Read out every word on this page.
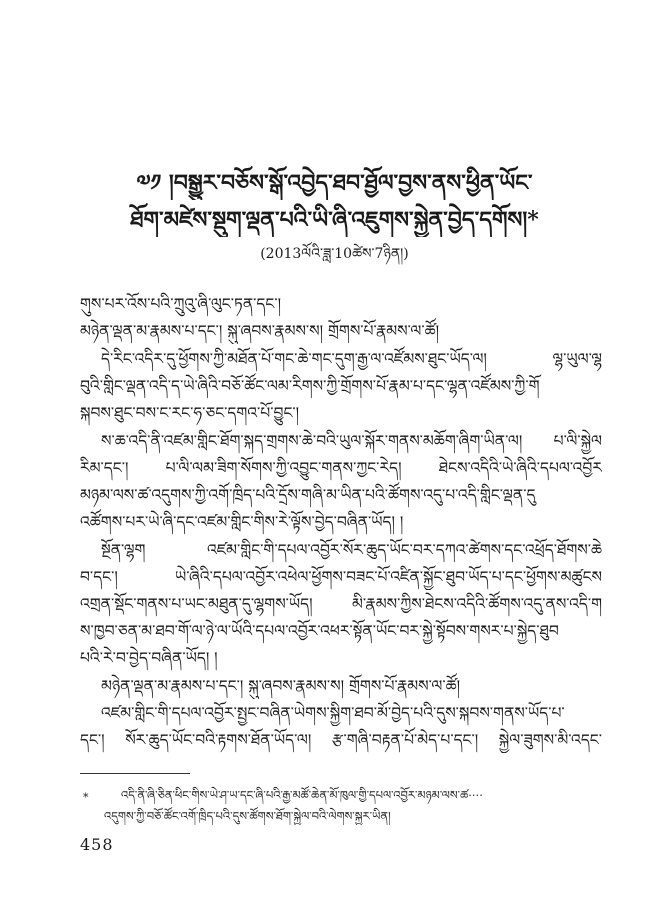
༧༡ །བསྒྱུར་བཅོས་སྒོ་འབྱེད་ཐབ་ཐྱོལ་བྱས་ནས་ཕྱིན་ཡོང་
ཐོག་མཛེས་སྡུག་ལྡན་པའི་ཡི་ཞི་འཇུགས་སྐྱེན་བྱེད་དགོས།*
(2013ལོའི་ཟླ་10ཚེས་7ཉིན།)
གུས་པར་འོས་པའི་ཀྲུའུ་ཞི་ལུང་ཏན་དང་།
མཉེན་ལྡན་མ་རྣམས་པ་དང་། སྐུ་ཞབས་རྣམས་ས། གྲོགས་པོ་རྣམས་ལ་ཚོ།
དེ་རིང་འདིར་དུ་ཕྱོགས་ཀྱི་མཐོན་པོ་གང་ཆེ་གང་དུག་རྒྱ་ལ་འཛོམས་ཐུང་ཡོད་ལ། ལྷ་ཡུལ་ལྷ
བུའི་གླིང་ལྡན་འདི་ད་ཡེ་ཞིའི་བཅོ་ཚོང་ལམ་རིགས་ཀྱི་གྲོགས་པོ་རྣམ་པ་དང་ལྷན་འཛོམས་ཀྱི་གོ
སྐབས་ཐུང་བས་ང་རང་ཧ་ཅང་དགའ་པོ་བྱུང་།
ས་ཆ་འདི་ནི་འཛམ་གླིང་ཐོག་སྐད་གྲགས་ཆེ་བའི་ཡུལ་སྐོར་གནས་མཆོག་ཞིག་ཡིན་ལ། པ་ལི་སྐྱེལ
རིམ་དང་། པ་ལི་ལམ་ཟིག་སོགས་ཀྱི་འབྱུང་གནས་ཀྱང་རེད། ཐེངས་འདིའི་ཡེ་ཞིའི་དཔལ་འབྱོར
མཉམ་ལས་ཚ་འདུགས་ཀྱི་འགོ་ཁྲིད་པའི་དྲོས་གཞི་མ་ཡིན་པའི་ཚོགས་འདུ་པ་འདི་གླིང་ལྡན་དུ
འཚོགས་པར་ཡེ་ཞི་དང་འཛམ་གླིང་གིས་རེ་ལྟོས་བྱེད་བཞིན་ཡོད། །
སྔོན་ལྷག འཛམ་གླིང་གི་དཔལ་འབྱོར་སོར་ཆུད་ཡོང་བར་དཀའ་ཚེགས་དང་འཕྲོད་ཐོགས་ཆེ
བ་དང་། ཡེ་ཞིའི་དཔལ་འབྱོར་འཕེལ་ཕྱོགས་བཟང་པོ་འཛིན་སྐྱོང་ཐུབ་ཡོད་པ་དང་ཕྱོགས་མཚུངས
འགྲན་སྡོང་གནས་པ་ཡང་མཐུན་དུ་ལྷགས་ཡོད། མི་རྣམས་ཀྱིས་ཐེངས་འདིའི་ཚོགས་འདུ་ནས་འདི་ག
ས་ཁྱབ་ཅན་མ་ཐབ་གོ་ལ་ཉེ་ལ་ཡོའི་དཔལ་འབྱོར་འཕར་སྟོན་ཡོང་བར་སྐྱེ་སྟོབས་གསར་པ་སྐྱེད་ཐུབ
པའི་རེ་བ་བྱེད་བཞིན་ཡོད། །
མཉེན་ལྡན་མ་རྣམས་པ་དང་། སྐུ་ཞབས་རྣམས་ས། གྲོགས་པོ་རྣམས་ལ་ཚོ།
འཛམ་གླིང་གི་དཔལ་འབྱོར་སྤྱང་བཞིན་ཡེགས་སྐྱིག་ཐབ་མོ་བྱེད་པའི་དུས་སྐབས་གནས་ཡོད་པ་
དང་། སོར་ཆུད་ཡོང་བའི་རྟགས་ཐོན་ཡོད་ལ། རྩ་གཞི་བརྟན་པོ་མེད་པ་དང་། སྐྱེལ་ཟུགས་མི་འདང་
*	འདི་ནི་ཞི་ཅིན་ཕིང་གིས་ཡེ་ཤ་ཡ་དང་ཞི་པའི་རྒྱ་མཚོ་ཆེན་མོ་ཁུལ་གྱི་དཔལ་འབྱོར་མཉམ་ལས་ཚ····
འདུགས་ཀྱི་བཅོ་ཚོང་འགོ་ཁྲིད་པའི་དུས་ཚོགས་ཐོག་སྐྱེལ་བའི་ལེགས་སྐྱར་ཡིན།
458
